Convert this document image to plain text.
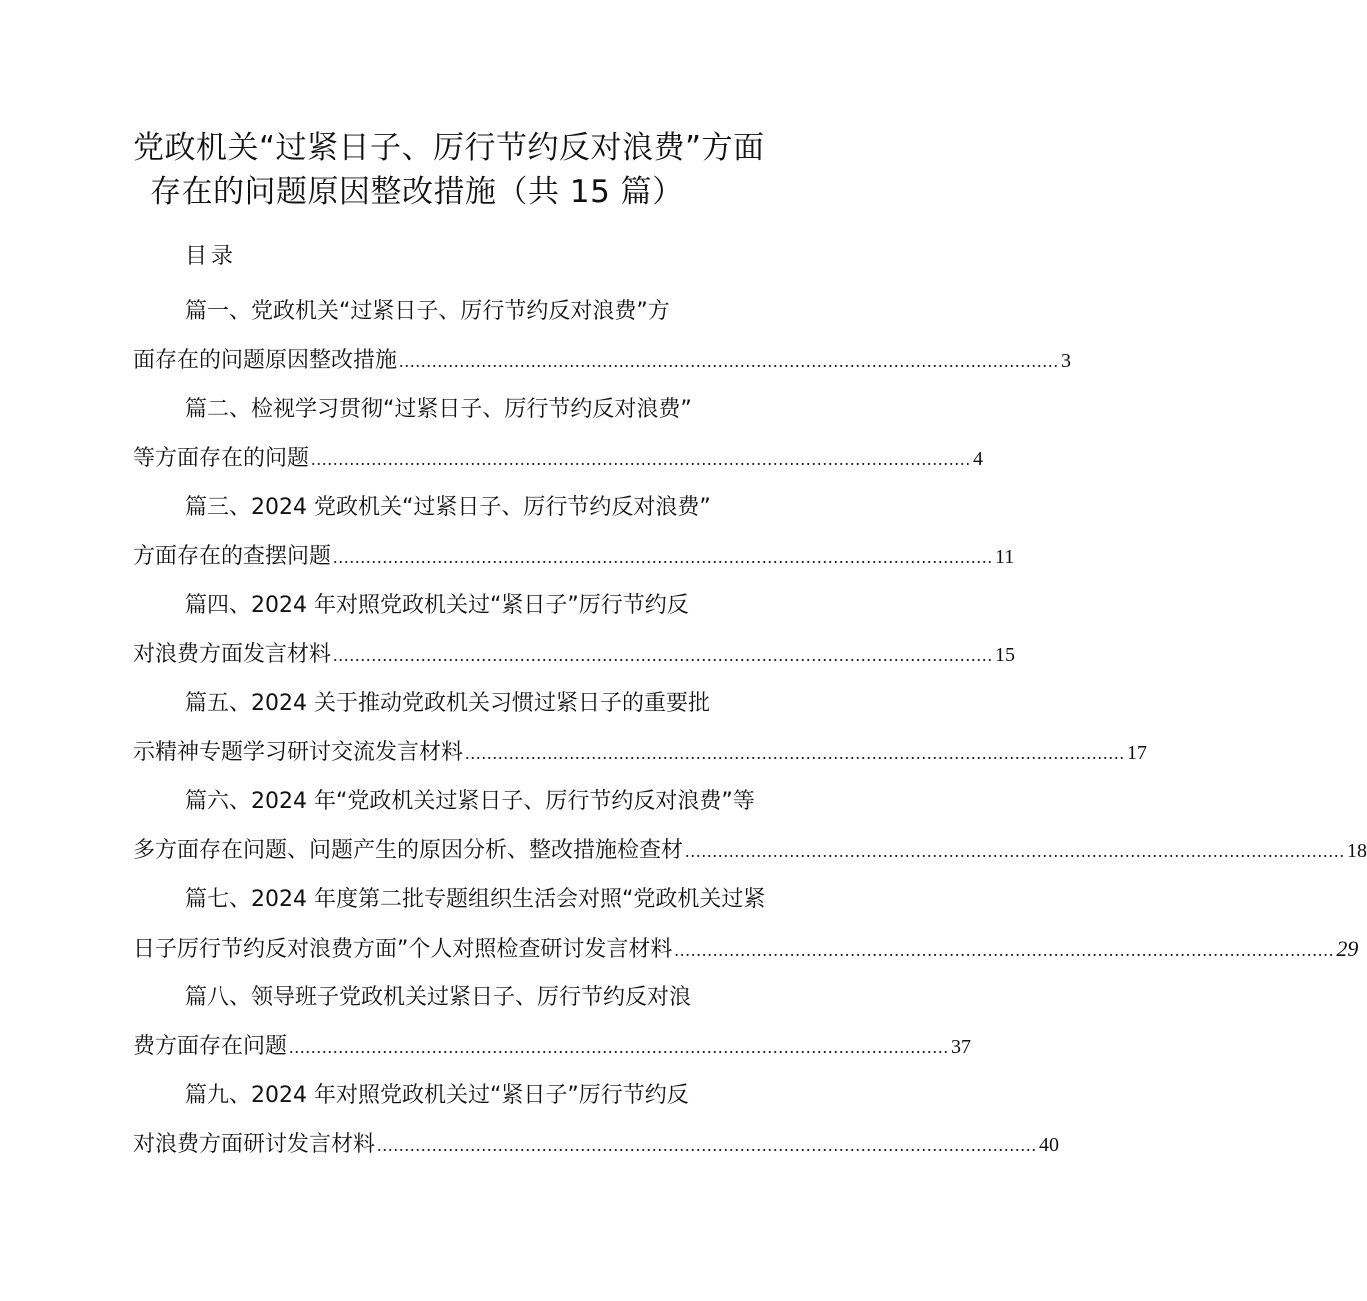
党政机关“过紧日子、厉行节约反对浪费”方面
存在的问题原因整改措施（共 15 篇）
目录
篇一、党政机关“过紧日子、厉行节约反对浪费”方
面存在的问题原因整改措施 ........................................................................................................................ 3
篇二、检视学习贯彻“过紧日子、厉行节约反对浪费”
等方面存在的问题 ........................................................................................................................ 4
篇三、2024 党政机关“过紧日子、厉行节约反对浪费”
方面存在的查摆问题 ........................................................................................................................ 11
篇四、2024 年对照党政机关过“紧日子”厉行节约反
对浪费方面发言材料 ........................................................................................................................ 15
篇五、2024 关于推动党政机关习惯过紧日子的重要批
示精神专题学习研讨交流发言材料 ........................................................................................................................ 17
篇六、2024 年“党政机关过紧日子、厉行节约反对浪费”等
多方面存在问题、问题产生的原因分析、整改措施检查材 ........................................................................................................................ 18
篇七、2024 年度第二批专题组织生活会对照“党政机关过紧
日子厉行节约反对浪费方面”个人对照检查研讨发言材料 ........................................................................................................................ 29
篇八、领导班子党政机关过紧日子、厉行节约反对浪
费方面存在问题 ........................................................................................................................ 37
篇九、2024 年对照党政机关过“紧日子”厉行节约反
对浪费方面研讨发言材料 ........................................................................................................................ 40
